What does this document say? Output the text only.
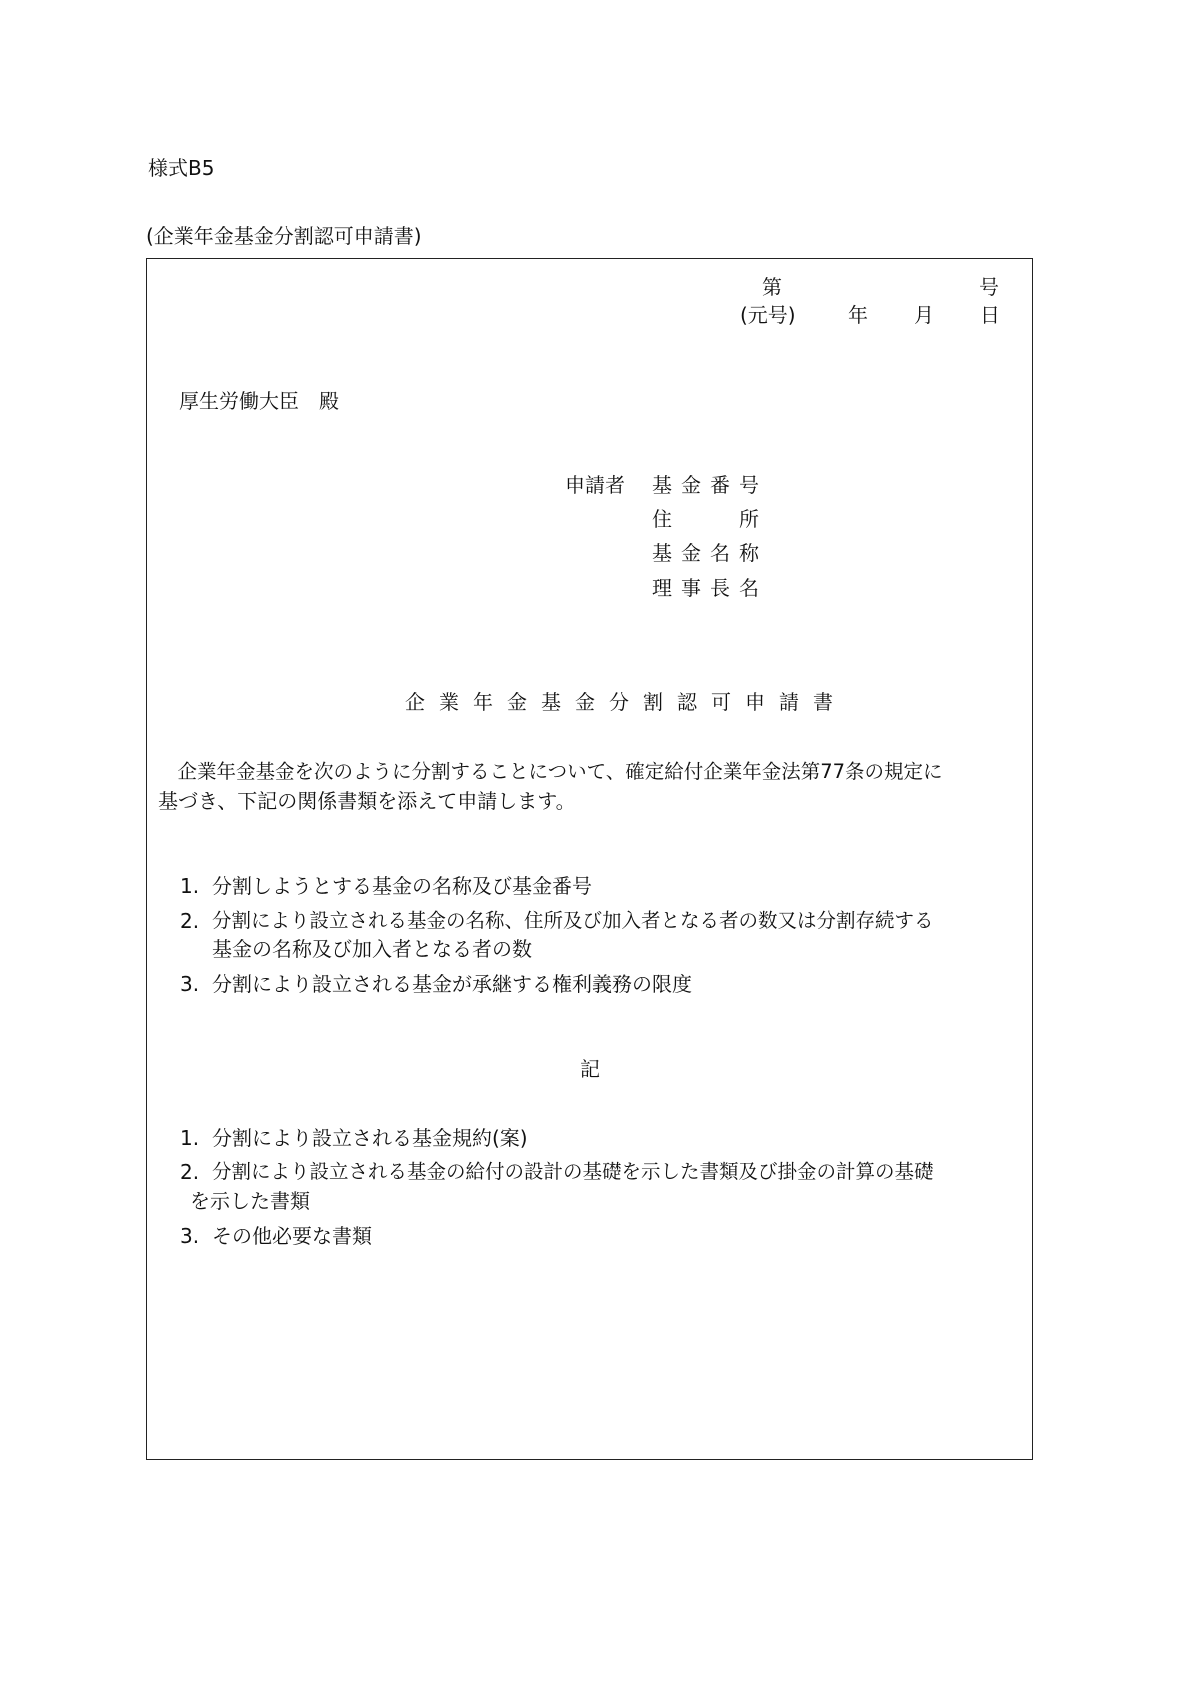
様式B5
(企業年金基金分割認可申請書)
第	号
(元号)	年 月 日
厚生労働大臣　殿
申請者 基金番号
住　　所
基金名称
理事長名
企業年金基金分割認可申請書
　企業年金基金を次のように分割することについて、確定給付企業年金法第77条の規定に
基づき、下記の関係書類を添えて申請します。
1. 分割しようとする基金の名称及び基金番号
2. 分割により設立される基金の名称、住所及び加入者となる者の数又は分割存続する
基金の名称及び加入者となる者の数
3. 分割により設立される基金が承継する権利義務の限度
記
1. 分割により設立される基金規約(案)
2. 分割により設立される基金の給付の設計の基礎を示した書類及び掛金の計算の基礎
を示した書類
3. その他必要な書類
